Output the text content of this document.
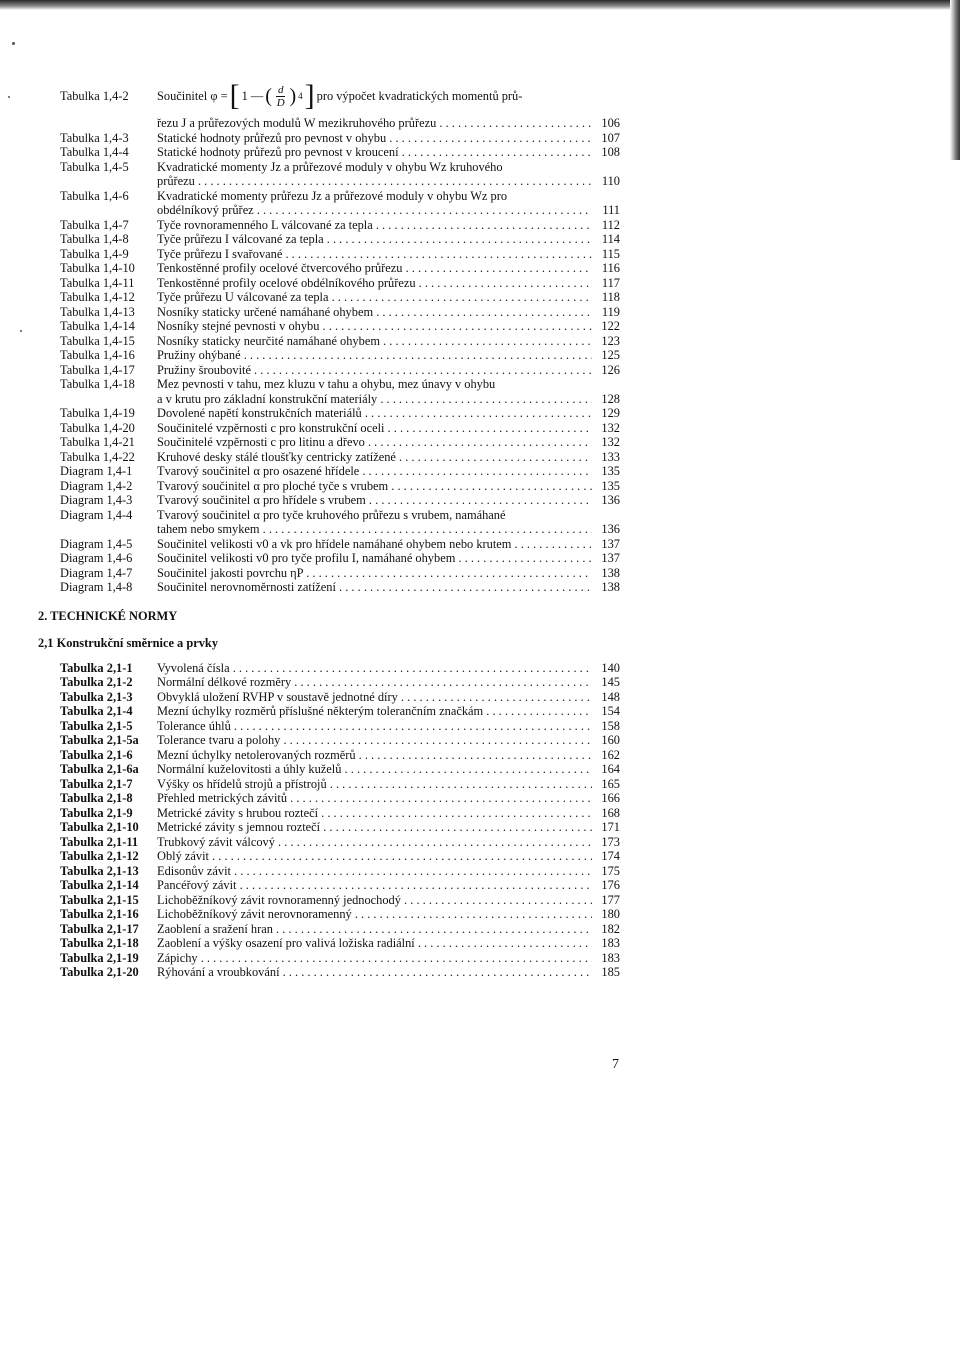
Tabulka 1,4-2	Součinitel φ = [ 1 — ( $\frac{d}{D}$ ) 4 ] pro výpočet kvadratických momentů prů-
řezu J a průřezových modulů W mezikruhového průřezu . . .	106
Tabulka 1,4-3	Statické hodnoty průřezů pro pevnost v ohybu . . .	107
Tabulka 1,4-4	Statické hodnoty průřezů pro pevnost v kroucení . . .	108
Tabulka 1,4-5	Kvadratické momenty Jz a průřezové moduly v ohybu Wz kruhového
průřezu . . .	110
Tabulka 1,4-6	Kvadratické momenty průřezu Jz a průřezové moduly v ohybu Wz pro
obdélníkový průřez . . .	111
Tabulka 1,4-7	Tyče rovnoramenného L válcované za tepla . . .	112
Tabulka 1,4-8	Tyče průřezu I válcované za tepla . . .	114
Tabulka 1,4-9	Tyče průřezu I svařované . . .	115
Tabulka 1,4-10	Tenkostěnné profily ocelové čtvercového průřezu . . .	116
Tabulka 1,4-11	Tenkostěnné profily ocelové obdélníkového průřezu . . .	117
Tabulka 1,4-12	Tyče průřezu U válcované za tepla . . .	118
Tabulka 1,4-13	Nosníky staticky určené namáhané ohybem . . .	119
Tabulka 1,4-14	Nosníky stejné pevnosti v ohybu . . .	122
Tabulka 1,4-15	Nosníky staticky neurčité namáhané ohybem . . .	123
Tabulka 1,4-16	Pružiny ohýbané . . .	125
Tabulka 1,4-17	Pružiny šroubovité . . .	126
Tabulka 1,4-18	Mez pevnosti v tahu, mez kluzu v tahu a ohybu, mez únavy v ohybu
a v krutu pro základní konstrukční materiály . . .	128
Tabulka 1,4-19	Dovolené napětí konstrukčních materiálů . . .	129
Tabulka 1,4-20	Součinitelé vzpěrnosti c pro konstrukční oceli . . .	132
Tabulka 1,4-21	Součinitelé vzpěrnosti c pro litinu a dřevo . . .	132
Tabulka 1,4-22	Kruhové desky stálé tloušťky centricky zatížené . . .	133
Diagram 1,4-1	Tvarový součinitel α pro osazené hřídele . . .	135
Diagram 1,4-2	Tvarový součinitel α pro ploché tyče s vrubem . . .	135
Diagram 1,4-3	Tvarový součinitel α pro hřídele s vrubem . . .	136
Diagram 1,4-4	Tvarový součinitel α pro tyče kruhového průřezu s vrubem, namáhané
tahem nebo smykem . . .	136
Diagram 1,4-5	Součinitel velikosti v0 a vk pro hřídele namáhané ohybem nebo krutem . . .	137
Diagram 1,4-6	Součinitel velikosti v0 pro tyče profilu I, namáhané ohybem . . .	137
Diagram 1,4-7	Součinitel jakosti povrchu ηP . . .	138
Diagram 1,4-8	Součinitel nerovnoměrnosti zatížení . . .	138
2. TECHNICKÉ NORMY
2,1 Konstrukční směrnice a prvky
Tabulka 2,1-1	Vyvolená čísla . . .	140
Tabulka 2,1-2	Normální délkové rozměry . . .	145
Tabulka 2,1-3	Obvyklá uložení RVHP v soustavě jednotné díry . . .	148
Tabulka 2,1-4	Mezní úchylky rozměrů příslušné některým tolerančním značkám . . .	154
Tabulka 2,1-5	Tolerance úhlů . . .	158
Tabulka 2,1-5a	Tolerance tvaru a polohy . . .	160
Tabulka 2,1-6	Mezní úchylky netolerovaných rozměrů . . .	162
Tabulka 2,1-6a	Normální kuželovitosti a úhly kuželů . . .	164
Tabulka 2,1-7	Výšky os hřídelů strojů a přístrojů . . .	165
Tabulka 2,1-8	Přehled metrických závitů . . .	166
Tabulka 2,1-9	Metrické závity s hrubou roztečí . . .	168
Tabulka 2,1-10	Metrické závity s jemnou roztečí . . .	171
Tabulka 2,1-11	Trubkový závit válcový . . .	173
Tabulka 2,1-12	Oblý závit . . .	174
Tabulka 2,1-13	Edisonův závit . . .	175
Tabulka 2,1-14	Pancéřový závit . . .	176
Tabulka 2,1-15	Lichoběžníkový závit rovnoramenný jednochodý . . .	177
Tabulka 2,1-16	Lichoběžníkový závit nerovnoramenný . . .	180
Tabulka 2,1-17	Zaoblení a sražení hran . . .	182
Tabulka 2,1-18	Zaoblení a výšky osazení pro valivá ložiska radiální . . .	183
Tabulka 2,1-19	Zápichy . . .	183
Tabulka 2,1-20	Rýhování a vroubkování . . .	185
7
